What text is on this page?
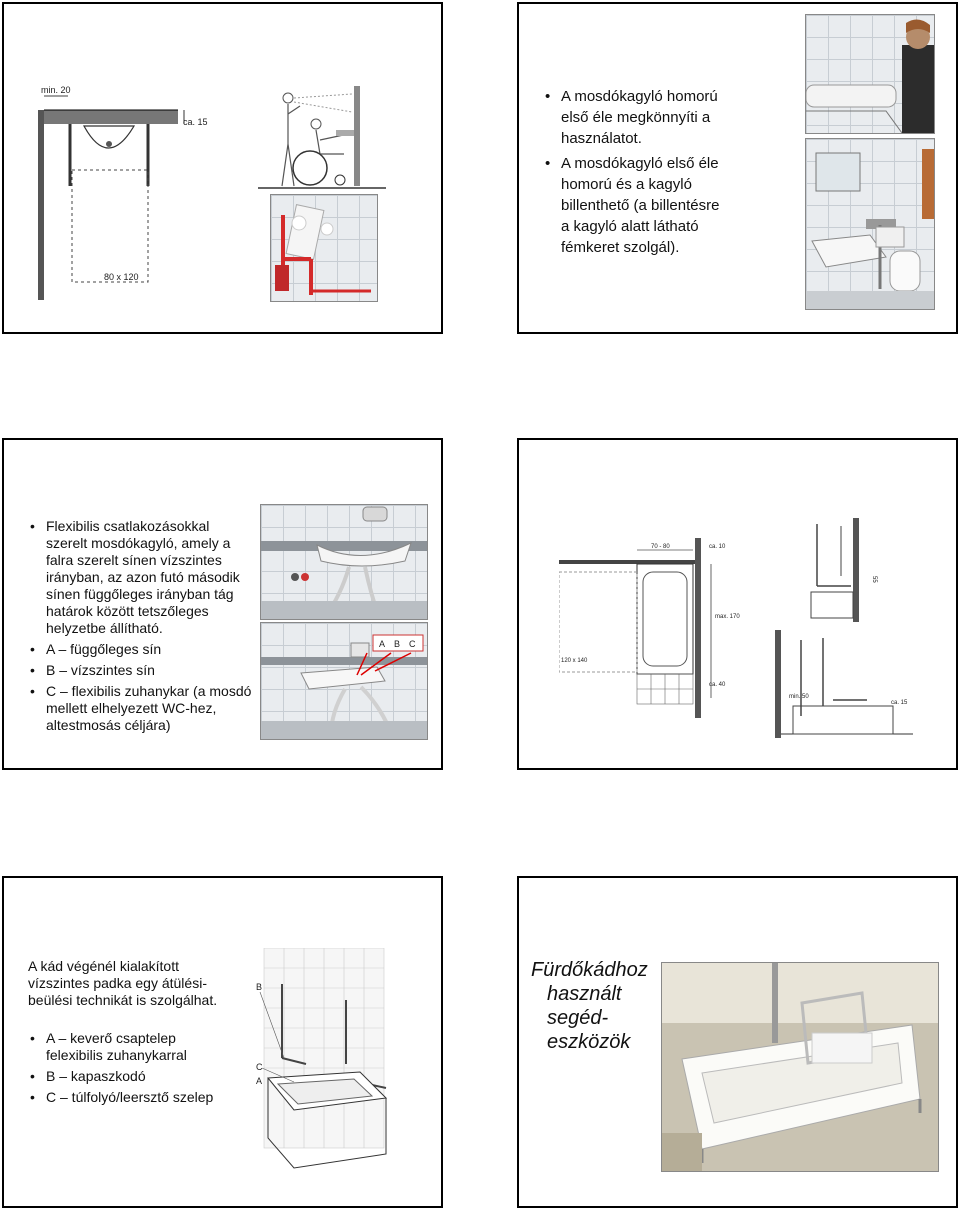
min. 20
ca. 15
80 x 120
• A mosdókagyló homorú első éle megkönnyíti a használatot.
• A mosdókagyló első éle homorú és a kagyló billenthető (a billentésre a kagyló alatt látható fémkeret szolgál).
• Flexibilis csatlakozásokkal szerelt mosdókagyló, amely a falra szerelt sínen vízszintes irányban, az azon futó második sínen függőleges irányban tág határok között tetszőleges helyzetbe állítható.
• A – függőleges sín
• B – vízszintes sín
• C – flexibilis zuhanykar (a mosdó mellett elhelyezett WC-hez, altestmosás céljára)
A B C
70 - 80	ca. 10
max. 170
120 x 140
ca. 40
55
min. 50
ca. 15
A kád végénél kialakított vízszintes padka egy átülési-beülési technikát is szolgálhat.
• A – keverő csaptelep felexibilis zuhanykarral
• B – kapaszkodó
• C – túlfolyó/leersztő szelep
B
C
A
Fürdőkádhoz
használt
segéd-
eszközök
